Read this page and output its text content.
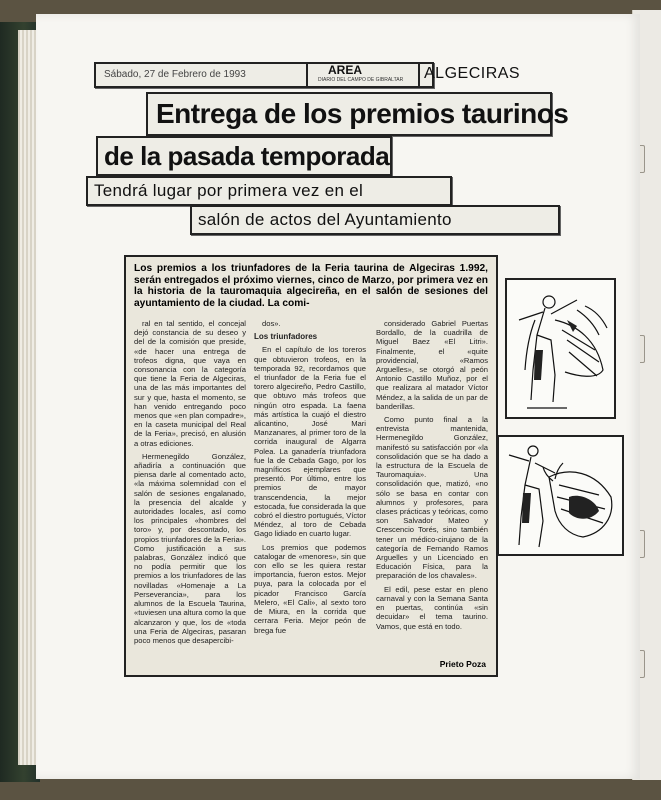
Sábado, 27 de Febrero de 1993	AREA
DIARIO DEL CAMPO DE GIBRALTAR ALGECIRAS
Entrega de los premios taurinos
de la pasada temporada
Tendrá lugar por primera vez en el
salón de actos del Ayuntamiento
Los premios a los triunfadores de la Feria taurina de Algeciras 1.992, serán entregados el próximo viernes, cinco de Marzo, por primera vez en la historia de la tauromaquia algecireña, en el salón de sesiones del ayuntamiento de la ciudad. La comi-

ral en tal sentido, el concejal dejó constancia de su deseo y del de la comisión que preside, «de hacer una entrega de trofeos digna, que vaya en consonancia con la categoría que tiene la Feria de Algeciras, una de las más importantes del sur y que, hasta el momento, se han venido entregando poco menos que «en plan compadre», en la caseta municipal del Real de la Feria», precisó, en alusión a otras ediciones.

Hermenegildo González, añadiría a continuación que piensa darle al comentado acto, «la máxima solemnidad con el salón de sesiones engalanado, la presencia del alcalde y autoridades locales, así como los principales «hombres del toro» y, por descontado, los propios triunfadores de la Feria». Como justificación a sus palabras, González indicó que no podía permitir que los premios a los triunfadores de las novilladas «Homenaje a La Perseverancia», para los alumnos de la Escuela Taurina, «tuviesen una altura como la que alcanzaron y que, los de «toda una Feria de Algeciras, pasaran poco menos que desapercibi-

dos».

Los triunfadores

En el capítulo de los toreros que obtuvieron trofeos, en la temporada 92, recordamos que el triunfador de la Feria fue el torero algecireño, Pedro Castillo, que obtuvo más trofeos que ningún otro espada. La faena más artística la cuajó el diestro alicantino, José Mari Manzanares, al primer toro de la corrida inaugural de Algarra Polea. La ganadería triunfadora fue la de Cebada Gago, por los magníficos ejemplares que presentó. Por último, entre los premios de mayor transcendencia, la mejor estocada, fue considerada la que cobró el diestro portugués, Víctor Méndez, al toro de Cebada Gago lidiado en cuarto lugar.

Los premios que podemos catalogar de «menores», sin que con ello se les quiera restar importancia, fueron estos. Mejor puya, para la colocada por el picador Francisco García Melero, «El Cali», al sexto toro de Miura, en la corrida que cerrara Feria. Mejor peón de brega fue

considerado Gabriel Puertas Bordallo, de la cuadrilla de Miguel Baez «El Litri». Finalmente, el «quite providencial, «Ramos Arguelles», se otorgó al peón Antonio Castillo Muñoz, por el que realizara al matador Víctor Méndez, a la salida de un par de banderillas.

Como punto final a la entrevista mantenida, Hermenegildo González, manifestó su satisfacción por «la consolidación que se ha dado a la estructura de la Escuela de Tauromaquia». Una consolidación que, matizó, «no sólo se basa en contar con alumnos y profesores, para clases prácticas y teóricas, como son Salvador Mateo y Crescencio Torés, sino también tener un médico-cirujano de la categoría de Fernando Ramos Arguelles y un Licenciado en Educación Física, para la preparación de los chavales».

El edil, pese estar en pleno carnaval y con la Semana Santa en puertas, continúa «sin decuidar» el tema taurino. Vamos, que está en todo.

Prieto Poza
